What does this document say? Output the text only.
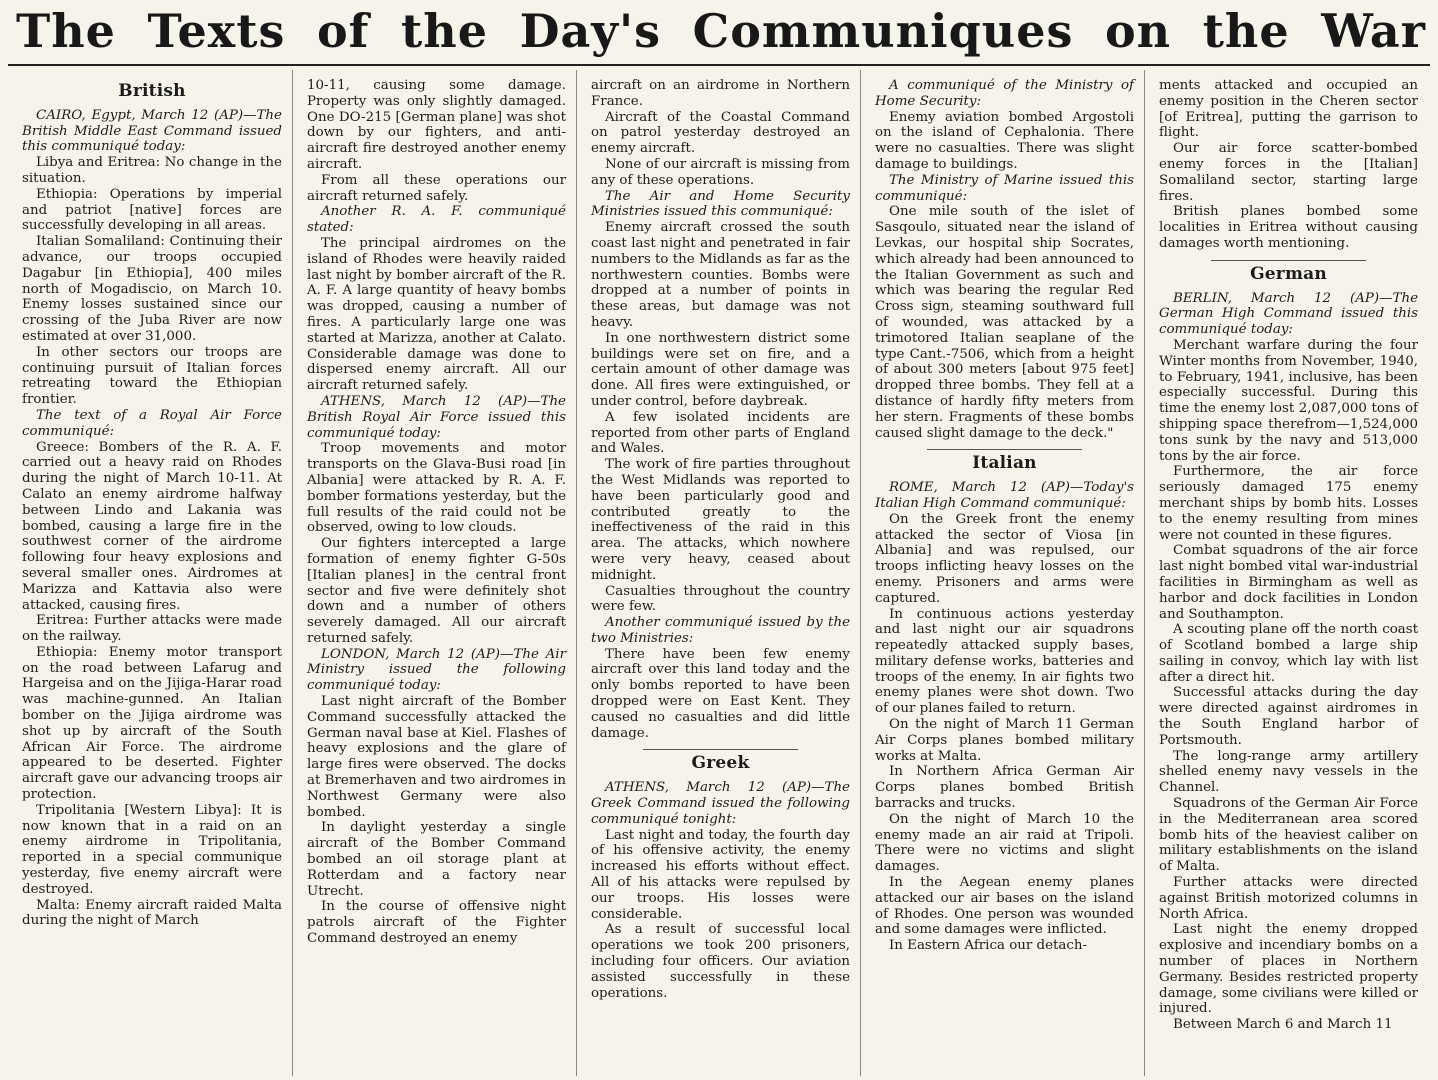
The Texts of the Day's Communiques on the War
British

CAIRO, Egypt, March 12 (AP)—The British Middle East Command issued this communiqué today:

Libya and Eritrea: No change in the situation.

Ethiopia: Operations by imperial and patriot [native] forces are successfully developing in all areas.

Italian Somaliland: Continuing their advance, our troops occupied Dagabur [in Ethiopia], 400 miles north of Mogadiscio, on March 10. Enemy losses sustained since our crossing of the Juba River are now estimated at over 31,000.

In other sectors our troops are continuing pursuit of Italian forces retreating toward the Ethiopian frontier.

The text of a Royal Air Force communiqué:

Greece: Bombers of the R. A. F. carried out a heavy raid on Rhodes during the night of March 10-11. At Calato an enemy airdrome halfway between Lindo and Lakania was bombed, causing a large fire in the southwest corner of the airdrome following four heavy explosions and several smaller ones. Airdromes at Marizza and Kattavia also were attacked, causing fires.

Eritrea: Further attacks were made on the railway.

Ethiopia: Enemy motor transport on the road between Lafarug and Hargeisa and on the Jijiga-Harar road was machine-gunned. An Italian bomber on the Jijiga airdrome was shot up by aircraft of the South African Air Force. The airdrome appeared to be deserted. Fighter aircraft gave our advancing troops air protection.

Tripolitania [Western Libya]: It is now known that in a raid on an enemy airdrome in Tripolitania, reported in a special communique yesterday, five enemy aircraft were destroyed.

Malta: Enemy aircraft raided Malta during the night of March

10-11, causing some damage. Property was only slightly damaged. One DO-215 [German plane] was shot down by our fighters, and anti-aircraft fire destroyed another enemy aircraft.

From all these operations our aircraft returned safely.

Another R. A. F. communiqué stated:

The principal airdromes on the island of Rhodes were heavily raided last night by bomber aircraft of the R. A. F. A large quantity of heavy bombs was dropped, causing a number of fires. A particularly large one was started at Marizza, another at Calato. Considerable damage was done to dispersed enemy aircraft. All our aircraft returned safely.

ATHENS, March 12 (AP)—The British Royal Air Force issued this communiqué today:

Troop movements and motor transports on the Glava-Busi road [in Albania] were attacked by R. A. F. bomber formations yesterday, but the full results of the raid could not be observed, owing to low clouds.

Our fighters intercepted a large formation of enemy fighter G-50s [Italian planes] in the central front sector and five were definitely shot down and a number of others severely damaged. All our aircraft returned safely.

LONDON, March 12 (AP)—The Air Ministry issued the following communiqué today:

Last night aircraft of the Bomber Command successfully attacked the German naval base at Kiel. Flashes of heavy explosions and the glare of large fires were observed. The docks at Bremerhaven and two airdromes in Northwest Germany were also bombed.

In daylight yesterday a single aircraft of the Bomber Command bombed an oil storage plant at Rotterdam and a factory near Utrecht.

In the course of offensive night patrols aircraft of the Fighter Command destroyed an enemy

aircraft on an airdrome in Northern France.

Aircraft of the Coastal Command on patrol yesterday destroyed an enemy aircraft.

None of our aircraft is missing from any of these operations.

The Air and Home Security Ministries issued this communiqué:

Enemy aircraft crossed the south coast last night and penetrated in fair numbers to the Midlands as far as the northwestern counties. Bombs were dropped at a number of points in these areas, but damage was not heavy.

In one northwestern district some buildings were set on fire, and a certain amount of other damage was done. All fires were extinguished, or under control, before daybreak.

A few isolated incidents are reported from other parts of England and Wales.

The work of fire parties throughout the West Midlands was reported to have been particularly good and contributed greatly to the ineffectiveness of the raid in this area. The attacks, which nowhere were very heavy, ceased about midnight.

Casualties throughout the country were few.

Another communiqué issued by the two Ministries:

There have been few enemy aircraft over this land today and the only bombs reported to have been dropped were on East Kent. They caused no casualties and did little damage.

Greek

ATHENS, March 12 (AP)—The Greek Command issued the following communiqué tonight:

Last night and today, the fourth day of his offensive activity, the enemy increased his efforts without effect. All of his attacks were repulsed by our troops. His losses were considerable.

As a result of successful local operations we took 200 prisoners, including four officers. Our aviation assisted successfully in these operations.

A communiqué of the Ministry of Home Security:

Enemy aviation bombed Argostoli on the island of Cephalonia. There were no casualties. There was slight damage to buildings.

The Ministry of Marine issued this communiqué:

One mile south of the islet of Sasqoulo, situated near the island of Levkas, our hospital ship Socrates, which already had been announced to the Italian Government as such and which was bearing the regular Red Cross sign, steaming southward full of wounded, was attacked by a trimotored Italian seaplane of the type Cant.-7506, which from a height of about 300 meters [about 975 feet] dropped three bombs. They fell at a distance of hardly fifty meters from her stern. Fragments of these bombs caused slight damage to the deck."

Italian

ROME, March 12 (AP)—Today's Italian High Command communiqué:

On the Greek front the enemy attacked the sector of Viosa [in Albania] and was repulsed, our troops inflicting heavy losses on the enemy. Prisoners and arms were captured.

In continuous actions yesterday and last night our air squadrons repeatedly attacked supply bases, military defense works, batteries and troops of the enemy. In air fights two enemy planes were shot down. Two of our planes failed to return.

On the night of March 11 German Air Corps planes bombed military works at Malta.

In Northern Africa German Air Corps planes bombed British barracks and trucks.

On the night of March 10 the enemy made an air raid at Tripoli. There were no victims and slight damages.

In the Aegean enemy planes attacked our air bases on the island of Rhodes. One person was wounded and some damages were inflicted.

In Eastern Africa our detach-

ments attacked and occupied an enemy position in the Cheren sector [of Eritrea], putting the garrison to flight.

Our air force scatter-bombed enemy forces in the [Italian] Somaliland sector, starting large fires.

British planes bombed some localities in Eritrea without causing damages worth mentioning.

German

BERLIN, March 12 (AP)—The German High Command issued this communiqué today:

Merchant warfare during the four Winter months from November, 1940, to February, 1941, inclusive, has been especially successful. During this time the enemy lost 2,087,000 tons of shipping space therefrom—1,524,000 tons sunk by the navy and 513,000 tons by the air force.

Furthermore, the air force seriously damaged 175 enemy merchant ships by bomb hits. Losses to the enemy resulting from mines were not counted in these figures.

Combat squadrons of the air force last night bombed vital war-industrial facilities in Birmingham as well as harbor and dock facilities in London and Southampton.

A scouting plane off the north coast of Scotland bombed a large ship sailing in convoy, which lay with list after a direct hit.

Successful attacks during the day were directed against airdromes in the South England harbor of Portsmouth.

The long-range army artillery shelled enemy navy vessels in the Channel.

Squadrons of the German Air Force in the Mediterranean area scored bomb hits of the heaviest caliber on military establishments on the island of Malta.

Further attacks were directed against British motorized columns in North Africa.

Last night the enemy dropped explosive and incendiary bombs on a number of places in Northern Germany. Besides restricted property damage, some civilians were killed or injured.

Between March 6 and March 11
